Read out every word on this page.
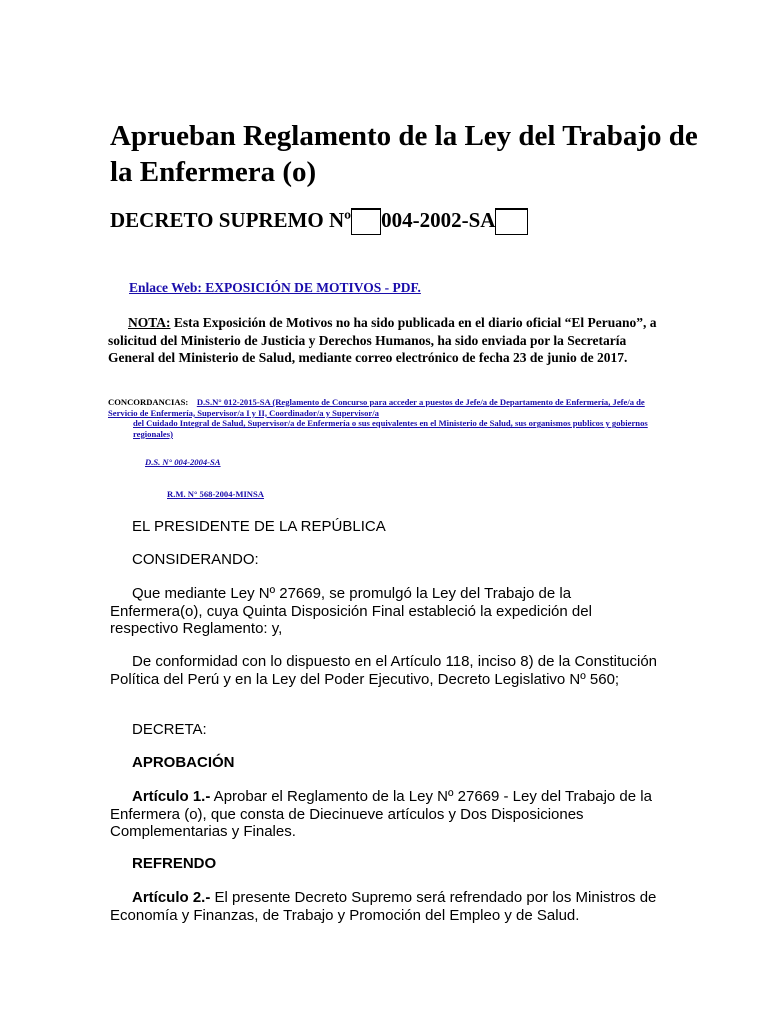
Aprueban Reglamento de la Ley del Trabajo de la Enfermera (o)
DECRETO SUPREMO Nº 004-2002-SA
Enlace Web: EXPOSICIÓN DE MOTIVOS - PDF.

NOTA: Esta Exposición de Motivos no ha sido publicada en el diario oficial “El Peruano”, a solicitud del Ministerio de Justicia y Derechos Humanos, ha sido enviada por la Secretaría General del Ministerio de Salud, mediante correo electrónico de fecha 23 de junio de 2017.

CONCORDANCIAS: D.S.N° 012-2015-SA (Reglamento de Concurso para acceder a puestos de Jefe/a de Departamento de Enfermería, Jefe/a de Servicio de Enfermería, Supervisor/a I y II, Coordinador/a y Supervisor/a
del Cuidado Integral de Salud, Supervisor/a de Enfermería o sus equivalentes en el Ministerio de Salud, sus organismos publicos y gobiernos regionales)
D.S. N° 004-2004-SA
R.M. N° 568-2004-MINSA

EL PRESIDENTE DE LA REPÚBLICA

CONSIDERANDO:

Que mediante Ley Nº 27669, se promulgó la Ley del Trabajo de la Enfermera(o), cuya Quinta Disposición Final estableció la expedición del respectivo Reglamento: y,

De conformidad con lo dispuesto en el Artículo 118, inciso 8) de la Constitución Política del Perú y en la Ley del Poder Ejecutivo, Decreto Legislativo Nº 560;

DECRETA:

APROBACIÓN

Artículo 1.- Aprobar el Reglamento de la Ley Nº 27669 - Ley del Trabajo de la Enfermera (o), que consta de Diecinueve artículos y Dos Disposiciones Complementarias y Finales.

REFRENDO

Artículo 2.- El presente Decreto Supremo será refrendado por los Ministros de Economía y Finanzas, de Trabajo y Promoción del Empleo y de Salud.
